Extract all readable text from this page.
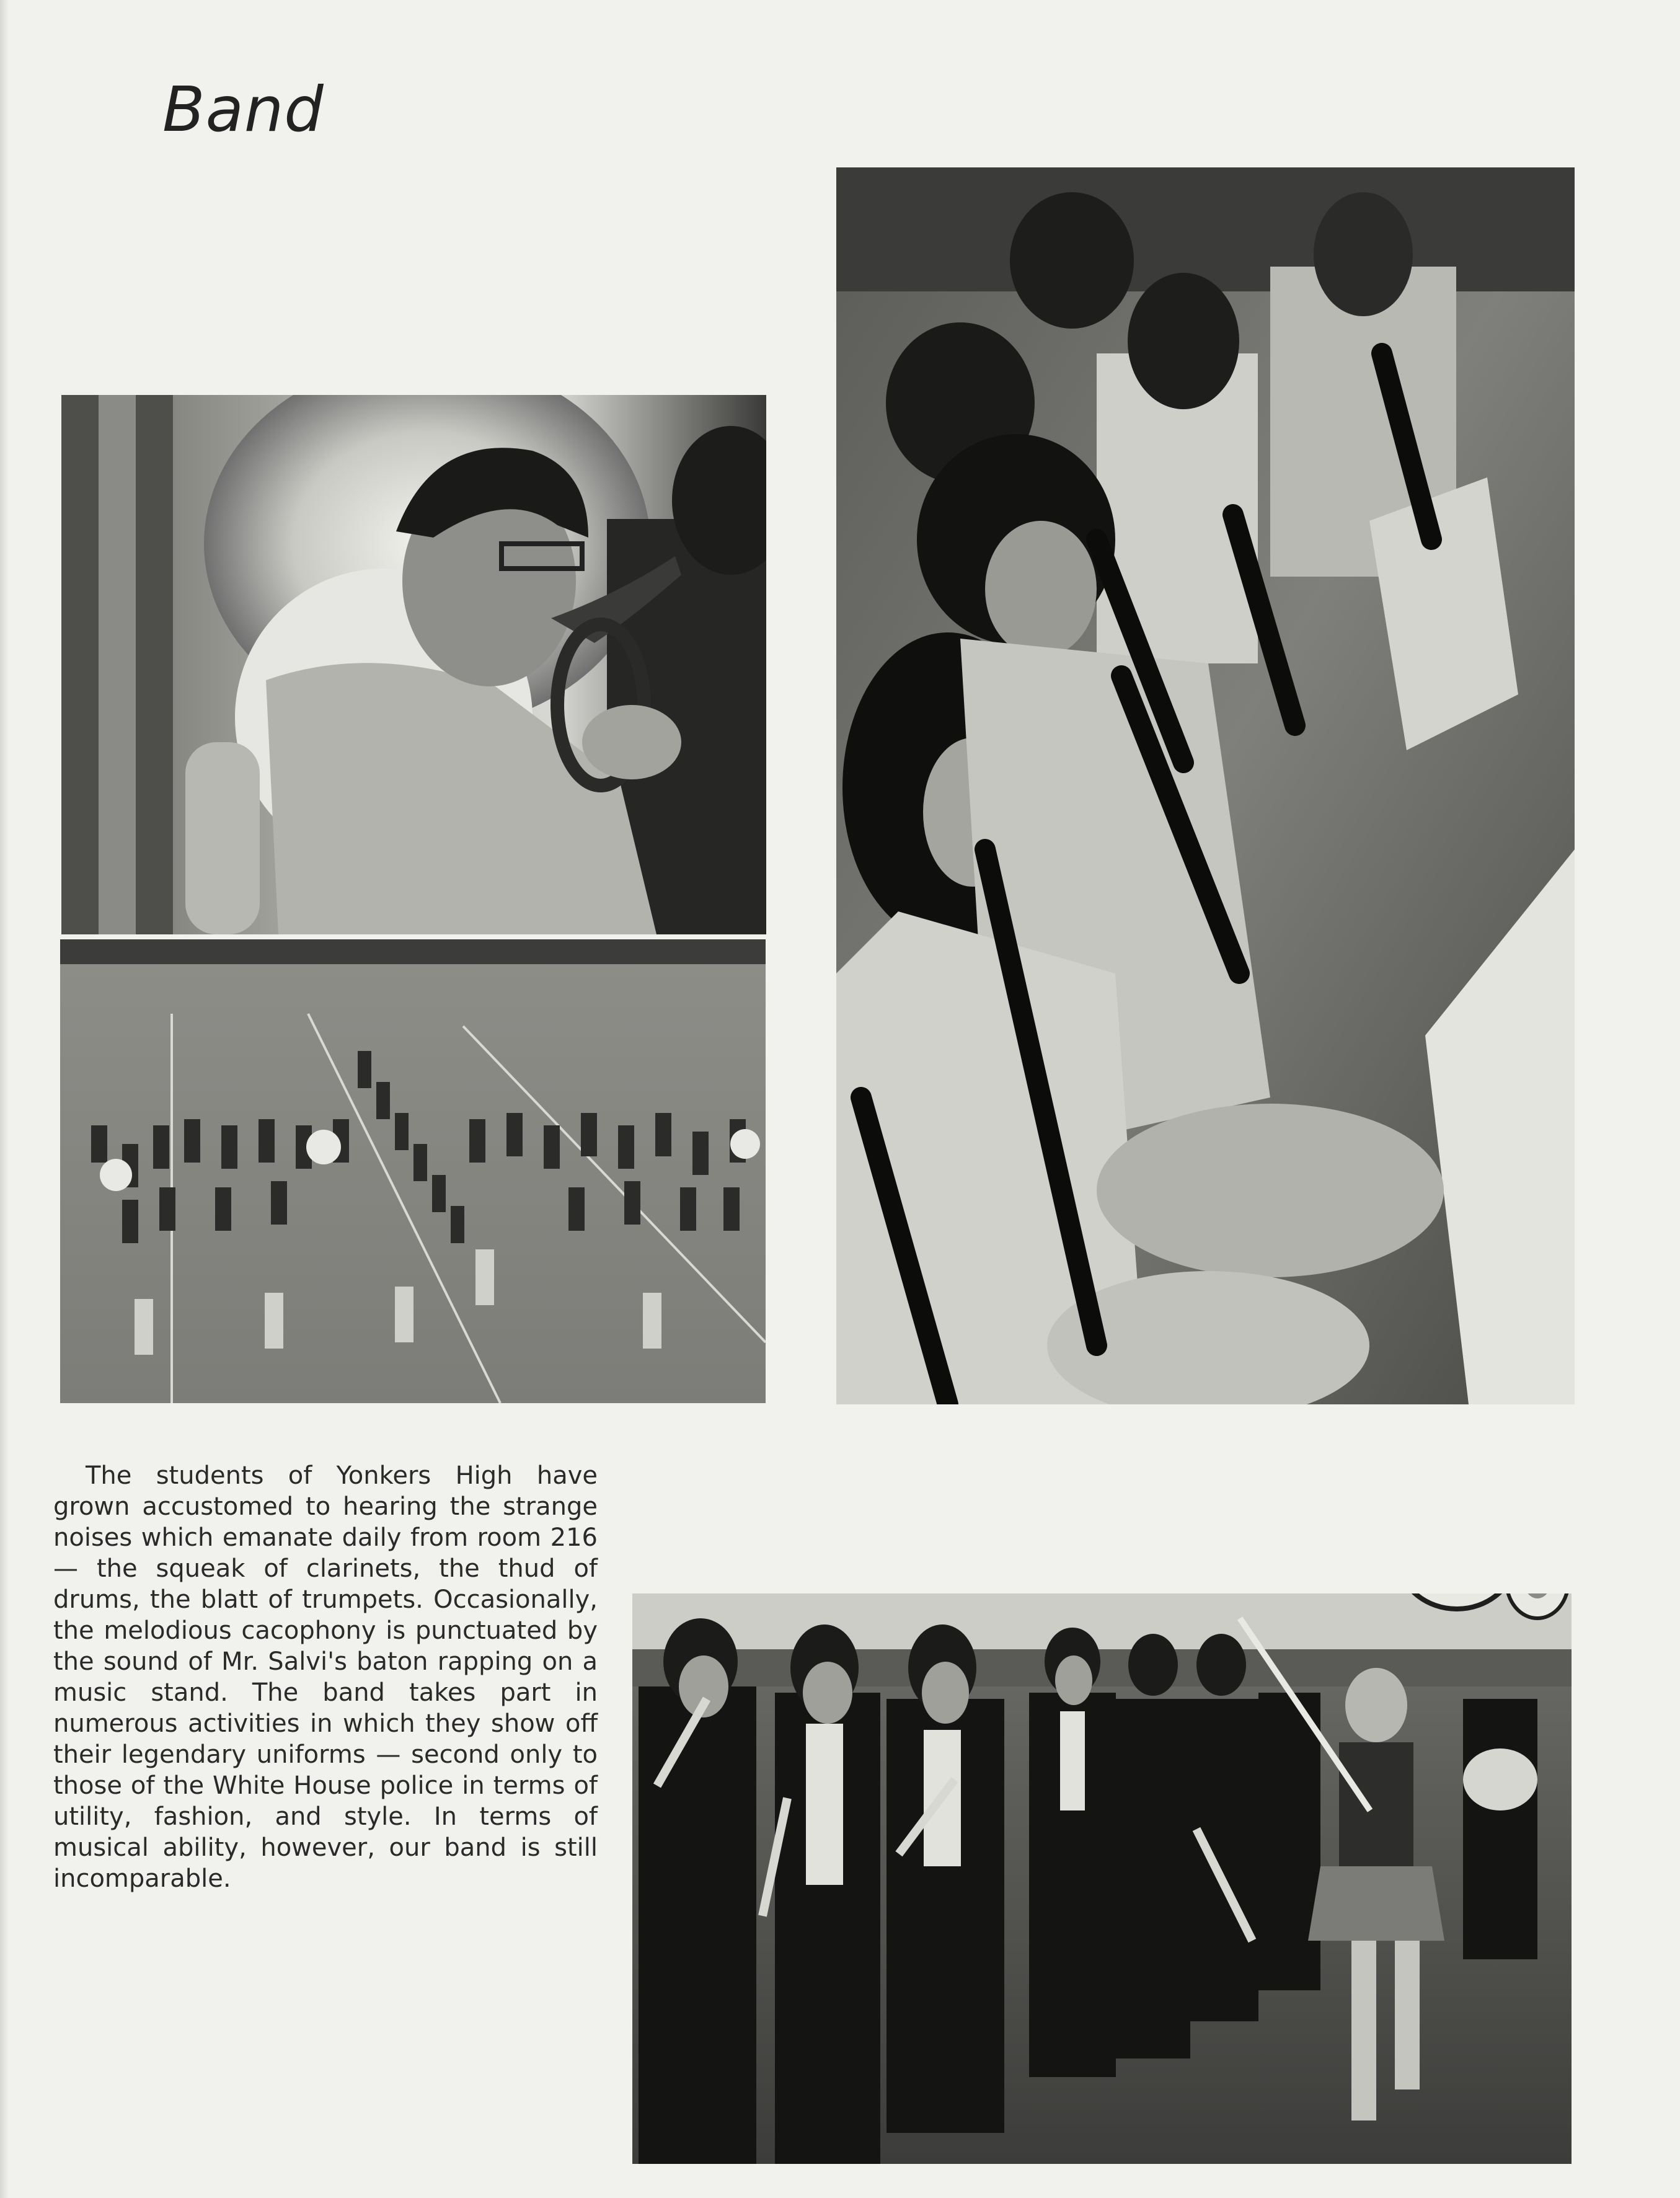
Band

The students of Yonkers High have grown accustomed to hearing the strange noises which emanate daily from room 216 — the squeak of clarinets, the thud of drums, the blatt of trumpets. Occasionally, the melodious cacophony is punctuated by the sound of Mr. Salvi's baton rapping on a music stand. The band takes part in numerous activities in which they show off their legendary uniforms — second only to those of the White House police in terms of utility, fashion, and style. In terms of musical ability, however, our band is still incomparable.
